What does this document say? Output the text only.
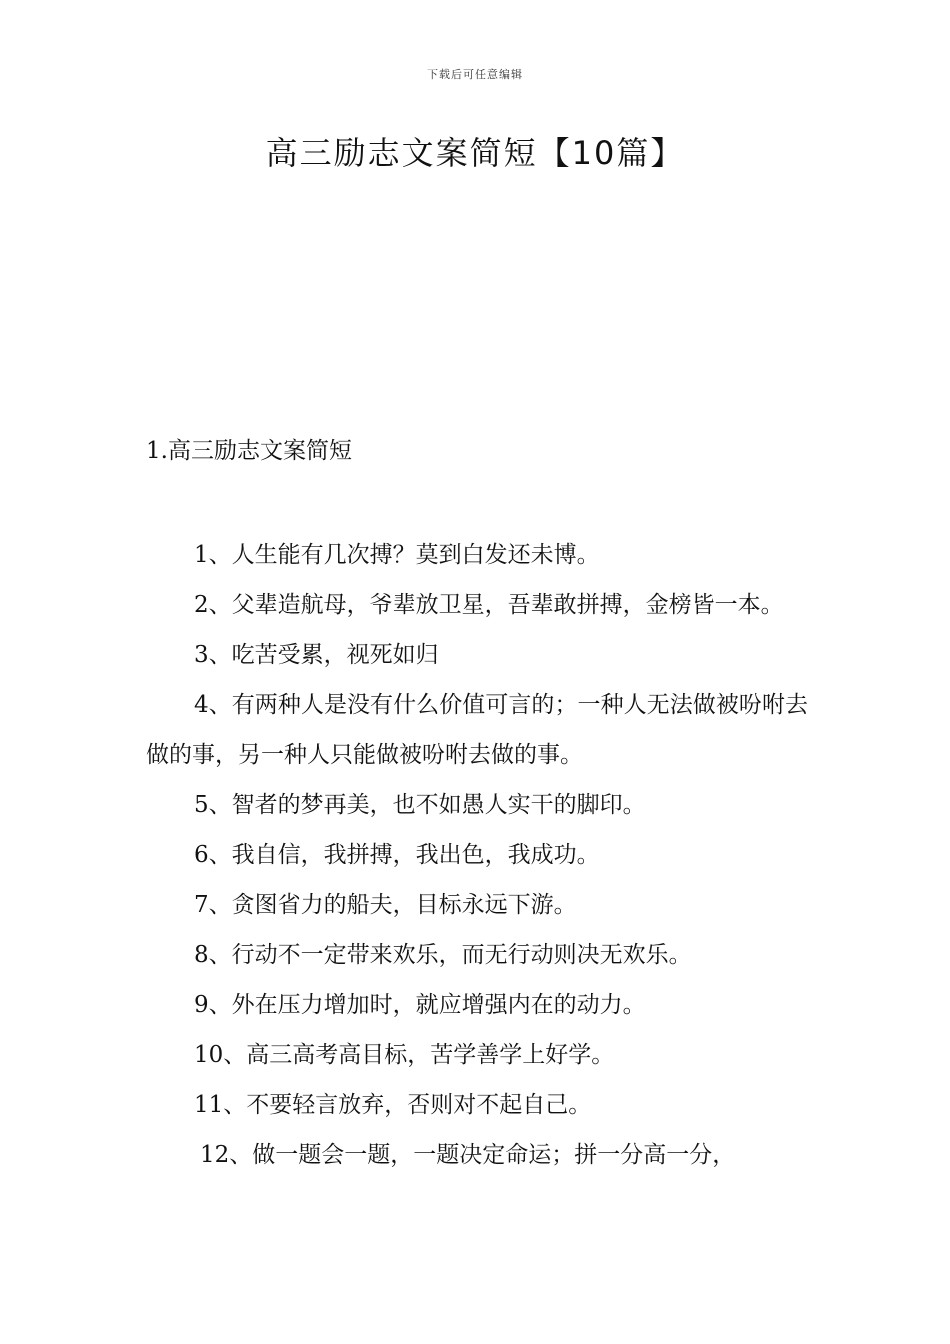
下载后可任意编辑
高三励志文案简短【10篇】
1.高三励志文案简短

1、人生能有几次搏？莫到白发还未博。

2、父辈造航母，爷辈放卫星，吾辈敢拼搏，金榜皆一本。

3、吃苦受累，视死如归

4、有两种人是没有什么价值可言的；一种人无法做被吩咐去做的事，另一种人只能做被吩咐去做的事。

5、智者的梦再美，也不如愚人实干的脚印。

6、我自信，我拼搏，我出色，我成功。

7、贪图省力的船夫，目标永远下游。

8、行动不一定带来欢乐，而无行动则决无欢乐。

9、外在压力增加时，就应增强内在的动力。

10、高三高考高目标，苦学善学上好学。

11、不要轻言放弃，否则对不起自己。

12、做一题会一题，一题决定命运；拼一分高一分，
